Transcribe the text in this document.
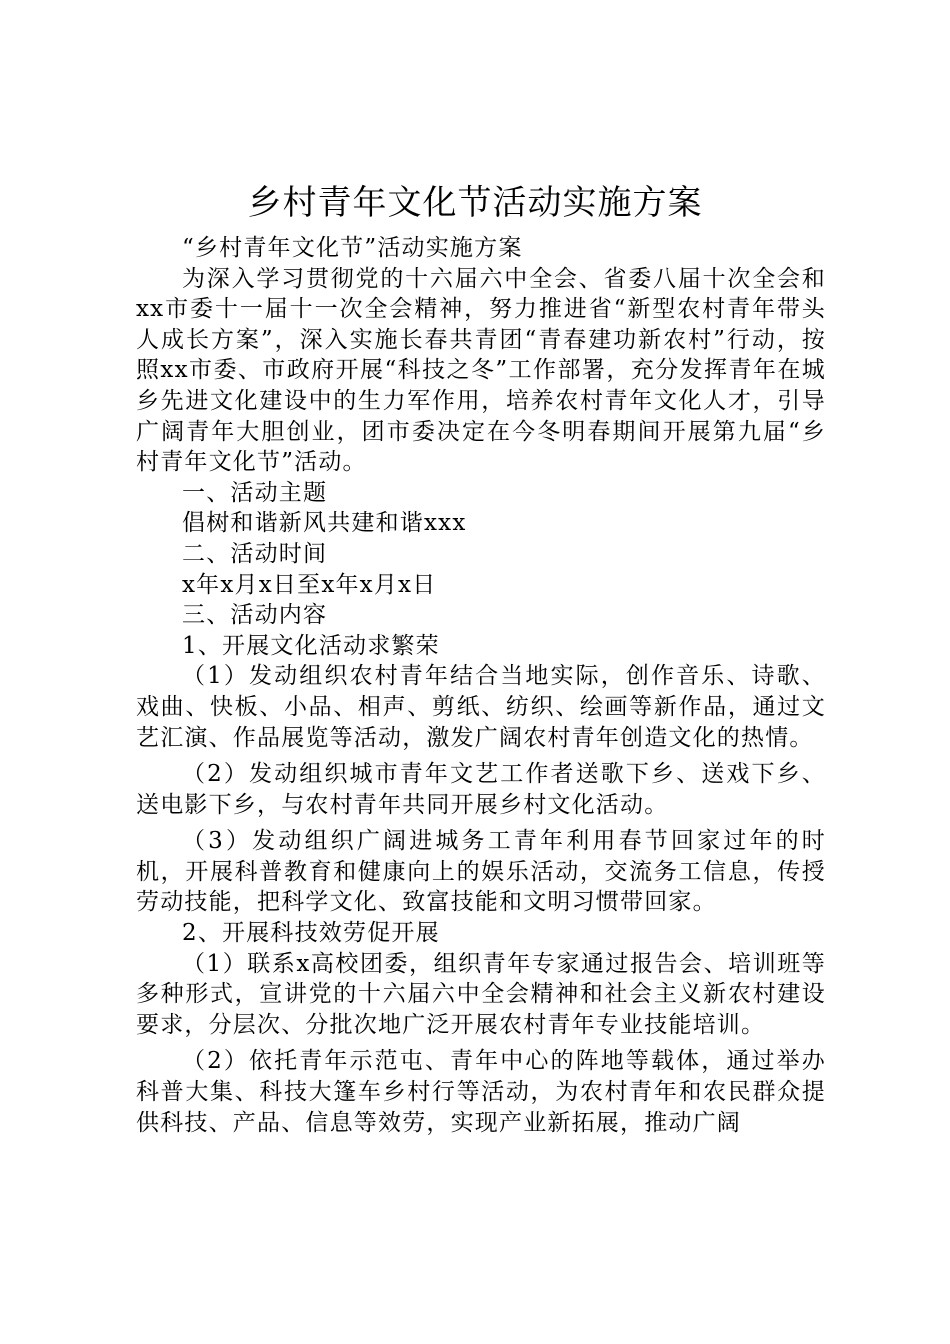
乡村青年文化节活动实施方案

“乡村青年文化节”活动实施方案

为深入学习贯彻党的十六届六中全会、省委八届十次全会和xx市委十一届十一次全会精神，努力推进省“新型农村青年带头人成长方案”，深入实施长春共青团“青春建功新农村”行动，按照xx市委、市政府开展“科技之冬”工作部署，充分发挥青年在城乡先进文化建设中的生力军作用，培养农村青年文化人才，引导广阔青年大胆创业，团市委决定在今冬明春期间开展第九届“乡村青年文化节”活动。

一、活动主题

倡树和谐新风共建和谐xxx

二、活动时间

x年x月x日至x年x月x日

三、活动内容

1、开展文化活动求繁荣

（1）发动组织农村青年结合当地实际，创作音乐、诗歌、戏曲、快板、小品、相声、剪纸、纺织、绘画等新作品，通过文艺汇演、作品展览等活动，激发广阔农村青年创造文化的热情。

（2）发动组织城市青年文艺工作者送歌下乡、送戏下乡、送电影下乡，与农村青年共同开展乡村文化活动。

（3）发动组织广阔进城务工青年利用春节回家过年的时机，开展科普教育和健康向上的娱乐活动，交流务工信息，传授劳动技能，把科学文化、致富技能和文明习惯带回家。

2、开展科技效劳促开展

（1）联系x高校团委，组织青年专家通过报告会、培训班等多种形式，宣讲党的十六届六中全会精神和社会主义新农村建设要求，分层次、分批次地广泛开展农村青年专业技能培训。

（2）依托青年示范屯、青年中心的阵地等载体，通过举办科普大集、科技大篷车乡村行等活动，为农村青年和农民群众提供科技、产品、信息等效劳，实现产业新拓展，推动广阔
